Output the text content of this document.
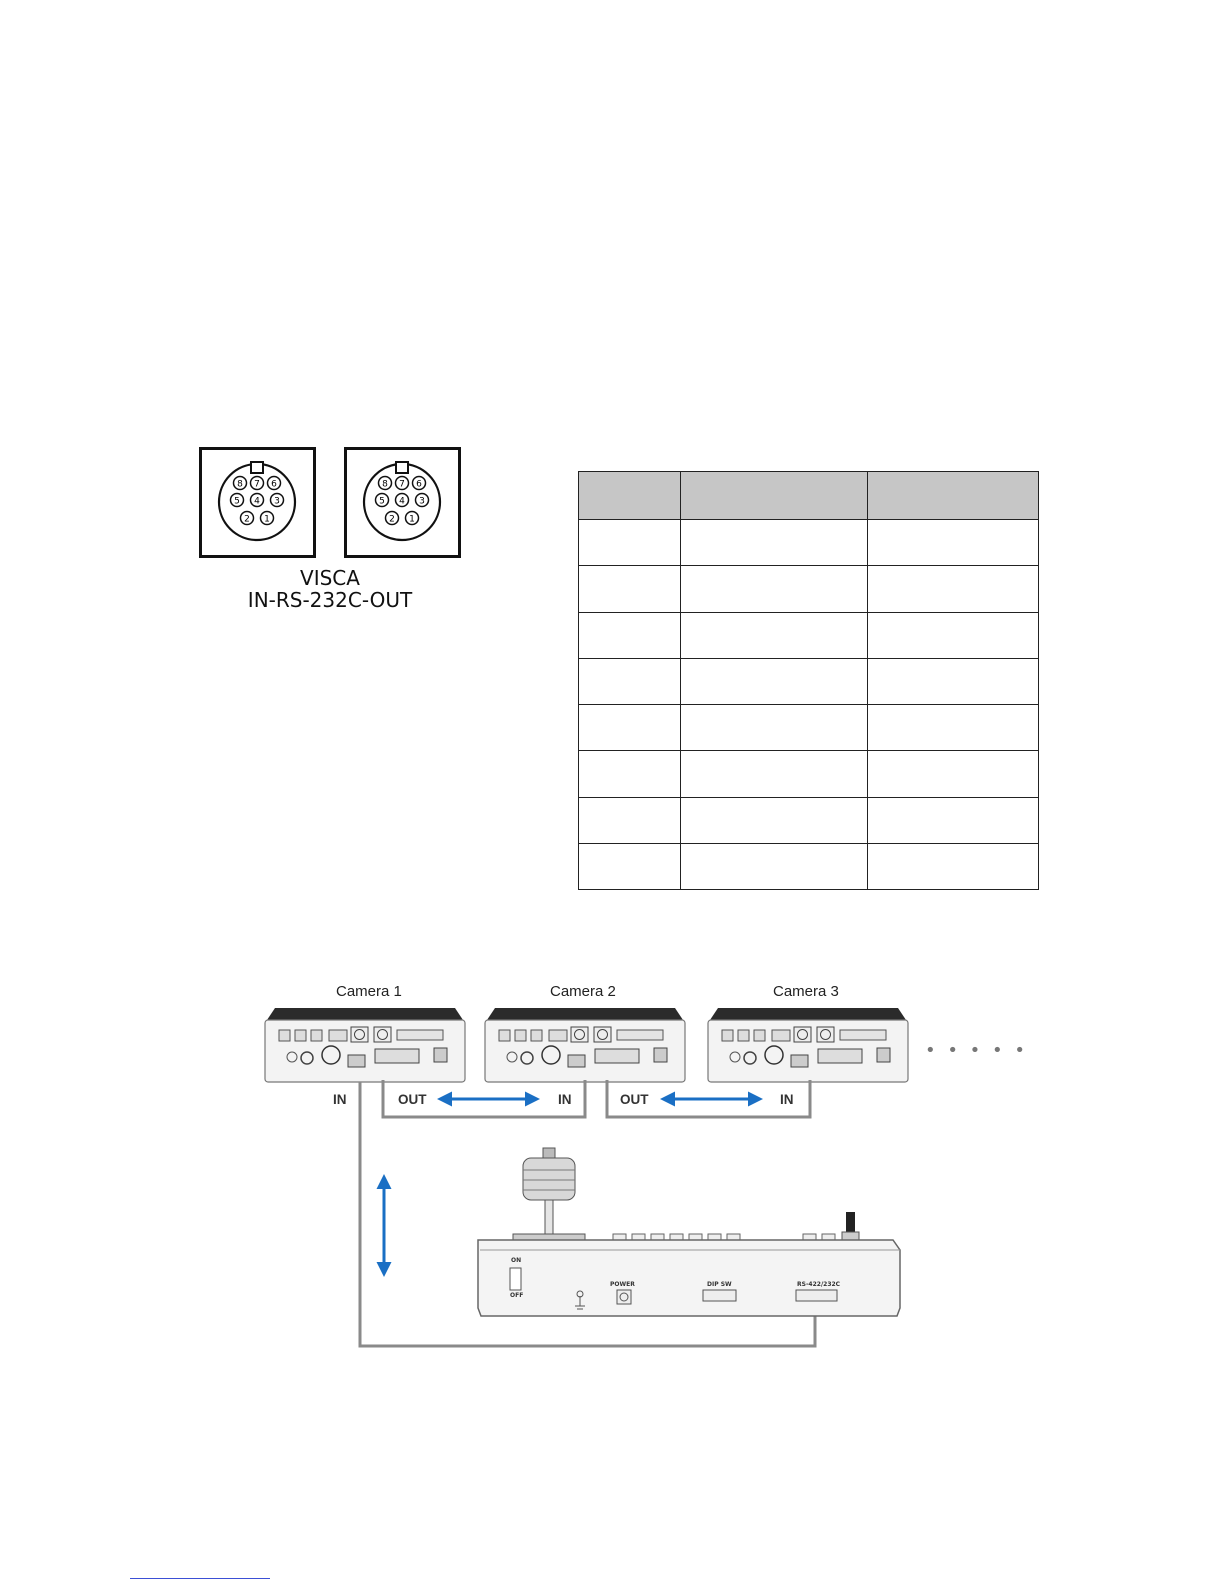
8 7 6
5 4 3
2 1
8 7 6
5 4 3
2 1
VISCA
IN-RS-232C-OUT

Camera 1	Camera 2	Camera 3
IN	OUT	IN	OUT	IN
• • • • •
ON
OFF
POWER	DIP SW	RS-422/232C
